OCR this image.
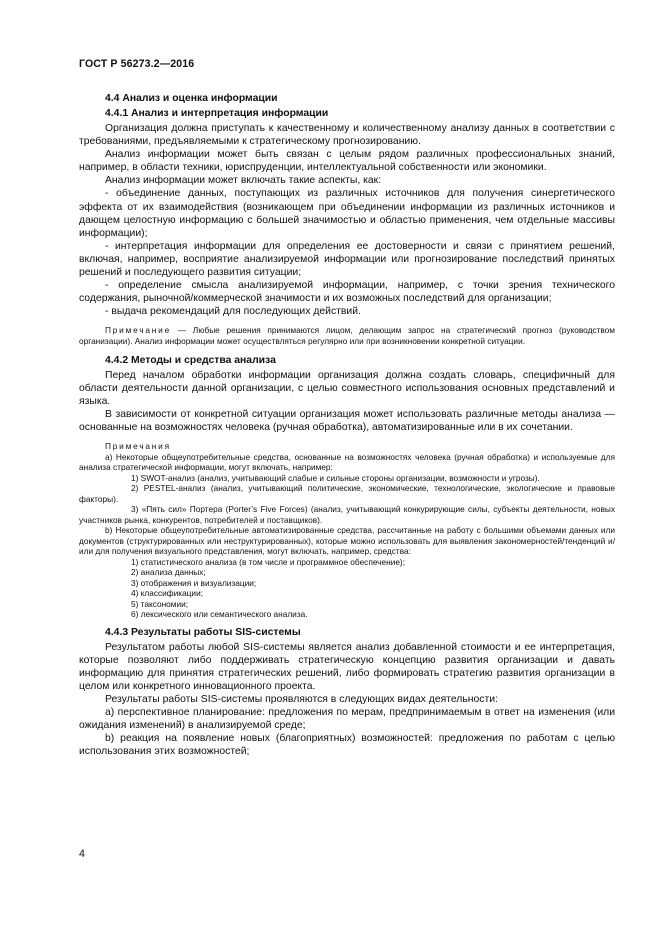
ГОСТ Р 56273.2—2016
4.4 Анализ и оценка информации
4.4.1 Анализ и интерпретация информации

Организация должна приступать к качественному и количественному анализу данных в соответствии с требованиями, предъявляемыми к стратегическому прогнозированию.

Анализ информации может быть связан с целым рядом различных профессиональных знаний, например, в области техники, юриспруденции, интеллектуальной собственности или экономики.

Анализ информации может включать такие аспекты, как:

- объединение данных, поступающих из различных источников для получения синергетического эффекта от их взаимодействия (возникающем при объединении информации из различных источников и дающем целостную информацию с большей значимостью и областью применения, чем отдельные массивы информации);

- интерпретация информации для определения ее достоверности и связи с принятием решений, включая, например, восприятие анализируемой информации или прогнозирование последствий принятых решений и последующего развития ситуации;

- определение смысла анализируемой информации, например, с точки зрения технического содержания, рыночной/коммерческой значимости и их возможных последствий для организации;

- выдача рекомендаций для последующих действий.

Примечание — Любые решения принимаются лицом, делающим запрос на стратегический прогноз (руководством организации). Анализ информации может осуществляться регулярно или при возникновении конкретной ситуации.

4.4.2 Методы и средства анализа

Перед началом обработки информации организация должна создать словарь, специфичный для области деятельности данной организации, с целью совместного использования основных представлений и языка.

В зависимости от конкретной ситуации организация может использовать различные методы анализа — основанные на возможностях человека (ручная обработка), автоматизированные или в их сочетании.

Примечания

а) Некоторые общеупотребительные средства, основанные на возможностях человека (ручная обработка) и используемые для анализа стратегической информации, могут включать, например:

1) SWOT-анализ (анализ, учитывающий слабые и сильные стороны организации, возможности и угрозы).

2) PESTEL-анализ (анализ, учитывающий политические, экономические, технологические, экологические и правовые факторы).

3) «Пять сил» Портера (Porter’s Five Forces) (анализ, учитывающий конкурирующие силы, субъекты деятельности, новых участников рынка, конкурентов, потребителей и поставщиков).

b) Некоторые общеупотребительные автоматизированные средства, рассчитанные на работу с большими объемами данных или документов (структурированных или неструктурированных), которые можно использовать для выявления закономерностей/тенденций и/или для получения визуального представления, могут включать, например, средства:

1) статистического анализа (в том числе и программное обеспечение);

2) анализа данных;

3) отображения и визуализации;

4) классификации;

5) таксономии;

6) лексического или семантического анализа.

4.4.3 Результаты работы SIS-системы

Результатом работы любой SIS-системы является анализ добавленной стоимости и ее интерпретация, которые позволяют либо поддерживать стратегическую концепцию развития организации и давать информацию для принятия стратегических решений, либо формировать стратегию развития организации в целом или конкретного инновационного проекта.

Результаты работы SIS-системы проявляются в следующих видах деятельности:

а) перспективное планирование: предложения по мерам, предпринимаемым в ответ на изменения (или ожидания изменений) в анализируемой среде;

b) реакция на появление новых (благоприятных) возможностей: предложения по работам с целью использования этих возможностей;

4
